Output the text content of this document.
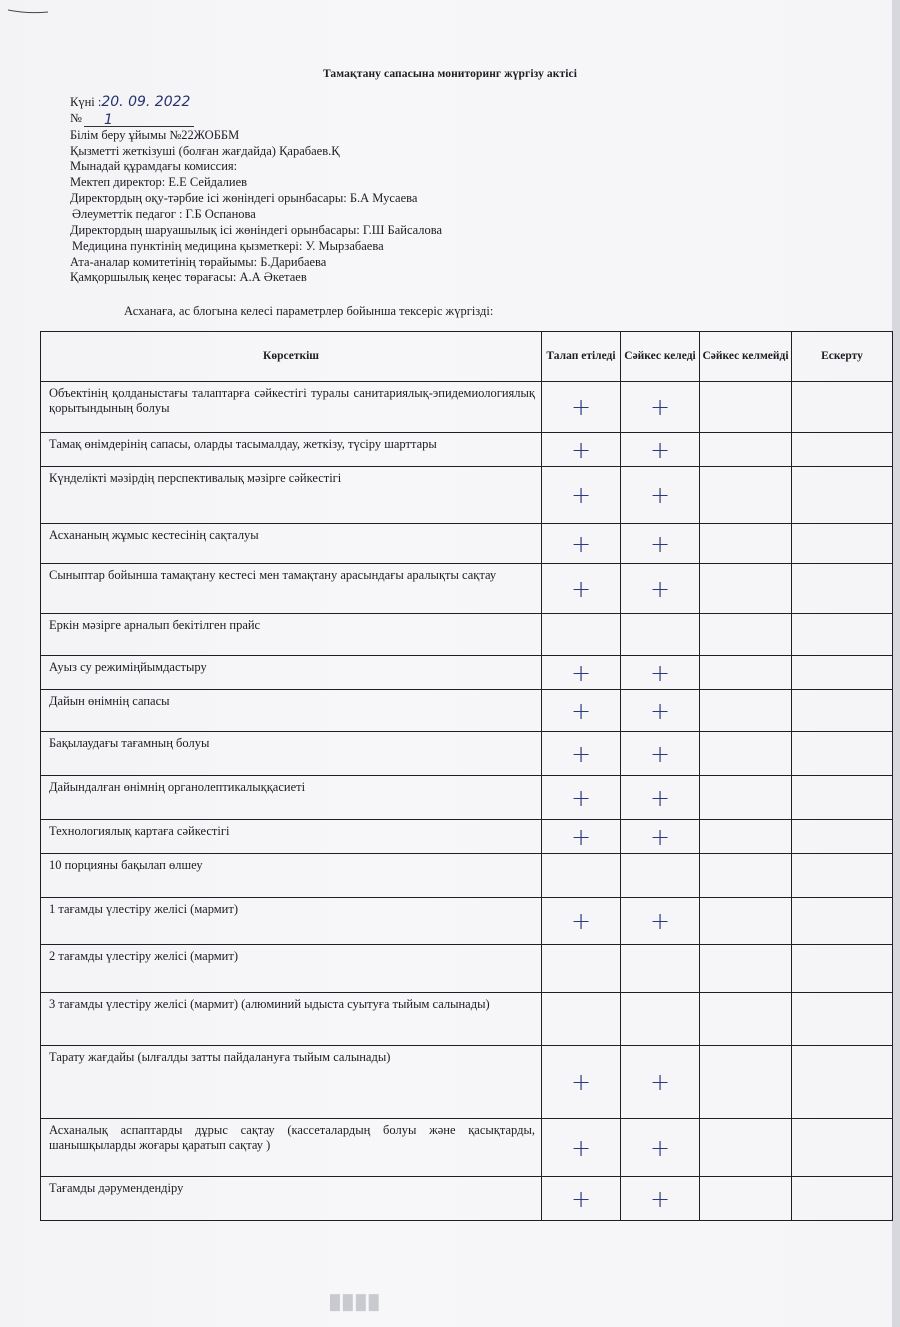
Тамақтану сапасына мониторинг жүргізу актісі
Күні :20. 09. 2022
№ 1
Білім беру ұйымы №22ЖОББМ
Қызметті жеткізуші (болған жағдайда) Қарабаев.Қ
Мынадай құрамдағы комиссия:
Мектеп директор: Е.Е Сейдалиев
Директордың оқу-тәрбие ісі жөніндегі орынбасары: Б.А Мусаева
Әлеуметтік педагог : Г.Б Оспанова
Директордың шаруашылық ісі жөніндегі орынбасары: Г.Ш Байсалова
Медицина пунктінің медицина қызметкері: У. Мырзабаева
Ата-аналар комитетінің төрайымы: Б.Дарибаева
Қамқоршылық кеңес төрағасы: А.А Әкетаев
Асханаға, ас блогына келесі параметрлер бойынша тексеріс жүргізді:
Көрсеткіш	Талап етіледі	Сәйкес келеді	Сәйкес келмейді	Ескерту
Объектінің қолданыстағы талаптарға сәйкестігі туралы санитариялық-эпидемиологиялық қорытындының болуы	+	+		
Тамақ өнімдерінің сапасы, оларды тасымалдау, жеткізу, түсіру шарттары	+	+		
Күнделікті мәзірдің перспективалық мәзірге сәйкестігі	+	+		
Асхананың жұмыс кестесінің сақталуы	+	+		
Сыныптар бойынша тамақтану кестесі мен тамақтану арасындағы аралықты сақтау	+	+		
Еркін мәзірге арналып бекітілген прайс				
Ауыз су режиміңйымдастыру	+	+		
Дайын өнімнің сапасы	+	+		
Бақылаудағы тағамның болуы	+	+		
Дайындалған өнімнің органолептикалыққасиеті	+	+		
Технологиялық картаға сәйкестігі	+	+		
10 порцияны бақылап өлшеу				
1 тағамды үлестіру желісі (мармит)	+	+		
2 тағамды үлестіру желісі (мармит)				
3 тағамды үлестіру желісі (мармит) (алюминий ыдыста суытуға тыйым салынады)				
Тарату жағдайы (ылғалды затты пайдалануға тыйым салынады)	+	+		
Асханалық аспаптарды дұрыс сақтау (кассеталардың болуы және қасықтарды, шанышқыларды жоғары қаратып сақтау )	+	+		
Тағамды дәрумендендіру	+	+		
████
